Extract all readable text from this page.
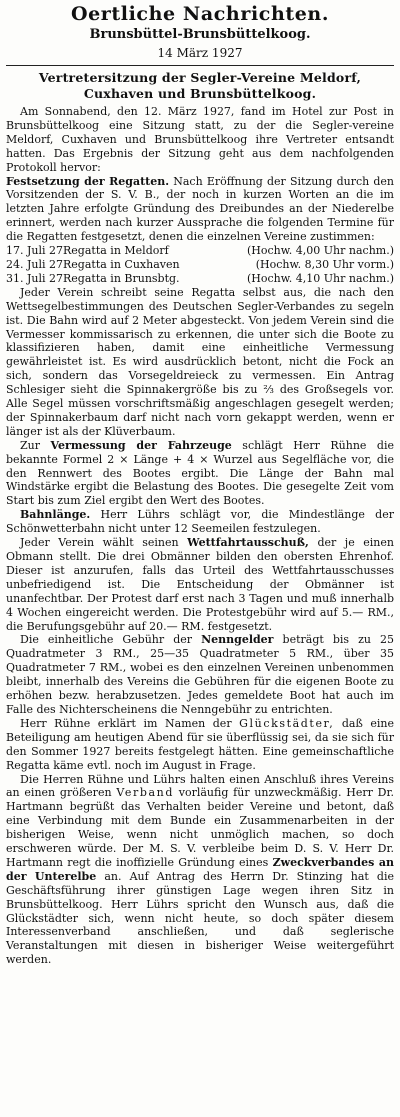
Oertliche Nachrichten.
Brunsbüttel-Brunsbüttelkoog.
14 März 1927
Vertretersitzung der Segler-Vereine Meldorf, Cuxhaven und Brunsbüttelkoog.

Am Sonnabend, den 12. März 1927, fand im Hotel zur Post in Brunsbüttelkoog eine Sitzung statt, zu der die Segler-vereine Meldorf, Cuxhaven und Brunsbüttelkoog ihre Vertreter entsandt hatten. Das Ergebnis der Sitzung geht aus dem nachfolgenden Protokoll hervor:

Festsetzung der Regatten. Nach Eröffnung der Sitzung durch den Vorsitzenden der S. V. B., der noch in kurzen Worten an die im letzten Jahre erfolgte Gründung des Dreibundes an der Niederelbe erinnert, werden nach kurzer Aussprache die folgenden Termine für die Regatten festgesetzt, denen die einzelnen Vereine zustimmen:

17. Juli 27	Regatta in Meldorf	(Hochw. 4,00 Uhr nachm.)
24. Juli 27	Regatta in Cuxhaven	(Hochw. 8,30 Uhr vorm.)
31. Juli 27	Regatta in Brunsbtg.	(Hochw. 4,10 Uhr nachm.)

Jeder Verein schreibt seine Regatta selbst aus, die nach den Wettsegelbestimmungen des Deutschen Segler-Verbandes zu segeln ist. Die Bahn wird auf 2 Meter abgesteckt. Von jedem Verein sind die Vermesser kommissarisch zu erkennen, die unter sich die Boote zu klassifizieren haben, damit eine einheitliche Vermessung gewährleistet ist. Es wird ausdrücklich betont, nicht die Fock an sich, sondern das Vorsegeldreieck zu vermessen. Ein Antrag Schlesiger sieht die Spinnakergröße bis zu ⅔ des Großsegels vor. Alle Segel müssen vorschriftsmäßig angeschlagen gesegelt werden; der Spinnakerbaum darf nicht nach vorn gekappt werden, wenn er länger ist als der Klüverbaum.

Zur Vermessung der Fahrzeuge schlägt Herr Rühne die bekannte Formel 2 × Länge + 4 × Wurzel aus Segelfläche vor, die den Rennwert des Bootes ergibt. Die Länge der Bahn mal Windstärke ergibt die Belastung des Bootes. Die gesegelte Zeit vom Start bis zum Ziel ergibt den Wert des Bootes.

Bahnlänge. Herr Lührs schlägt vor, die Mindestlänge der Schönwetterbahn nicht unter 12 Seemeilen festzulegen.

Jeder Verein wählt seinen Wettfahrtausschuß, der je einen Obmann stellt. Die drei Obmänner bilden den obersten Ehrenhof. Dieser ist anzurufen, falls das Urteil des Wettfahrtausschusses unbefriedigend ist. Die Entscheidung der Obmänner ist unanfechtbar. Der Protest darf erst nach 3 Tagen und muß innerhalb 4 Wochen eingereicht werden. Die Protestgebühr wird auf 5.— RM., die Berufungsgebühr auf 20.— RM. festgesetzt.

Die einheitliche Gebühr der Nenngelder beträgt bis zu 25 Quadratmeter 3 RM., 25—35 Quadratmeter 5 RM., über 35 Quadratmeter 7 RM., wobei es den einzelnen Vereinen unbenommen bleibt, innerhalb des Vereins die Gebühren für die eigenen Boote zu erhöhen bezw. herabzusetzen. Jedes gemeldete Boot hat auch im Falle des Nichterscheinens die Nenngebühr zu entrichten.

Herr Rühne erklärt im Namen der Glückstädter, daß eine Beteiligung am heutigen Abend für sie überflüssig sei, da sie sich für den Sommer 1927 bereits festgelegt hätten. Eine gemeinschaftliche Regatta käme evtl. noch im August in Frage.

Die Herren Rühne und Lührs halten einen Anschluß ihres Vereins an einen größeren Verband vorläufig für unzweckmäßig. Herr Dr. Hartmann begrüßt das Verhalten beider Vereine und betont, daß eine Verbindung mit dem Bunde ein Zusammenarbeiten in der bisherigen Weise, wenn nicht unmöglich machen, so doch erschweren würde. Der M. S. V. verbleibe beim D. S. V. Herr Dr. Hartmann regt die inoffizielle Gründung eines Zweckverbandes an der Unterelbe an. Auf Antrag des Herrn Dr. Stinzing hat die Geschäftsführung ihrer günstigen Lage wegen ihren Sitz in Brunsbüttelkoog. Herr Lührs spricht den Wunsch aus, daß die Glückstädter sich, wenn nicht heute, so doch später diesem Interessenverband anschließen, und daß seglerische Veranstaltungen mit diesen in bisheriger Weise weitergeführt werden.
